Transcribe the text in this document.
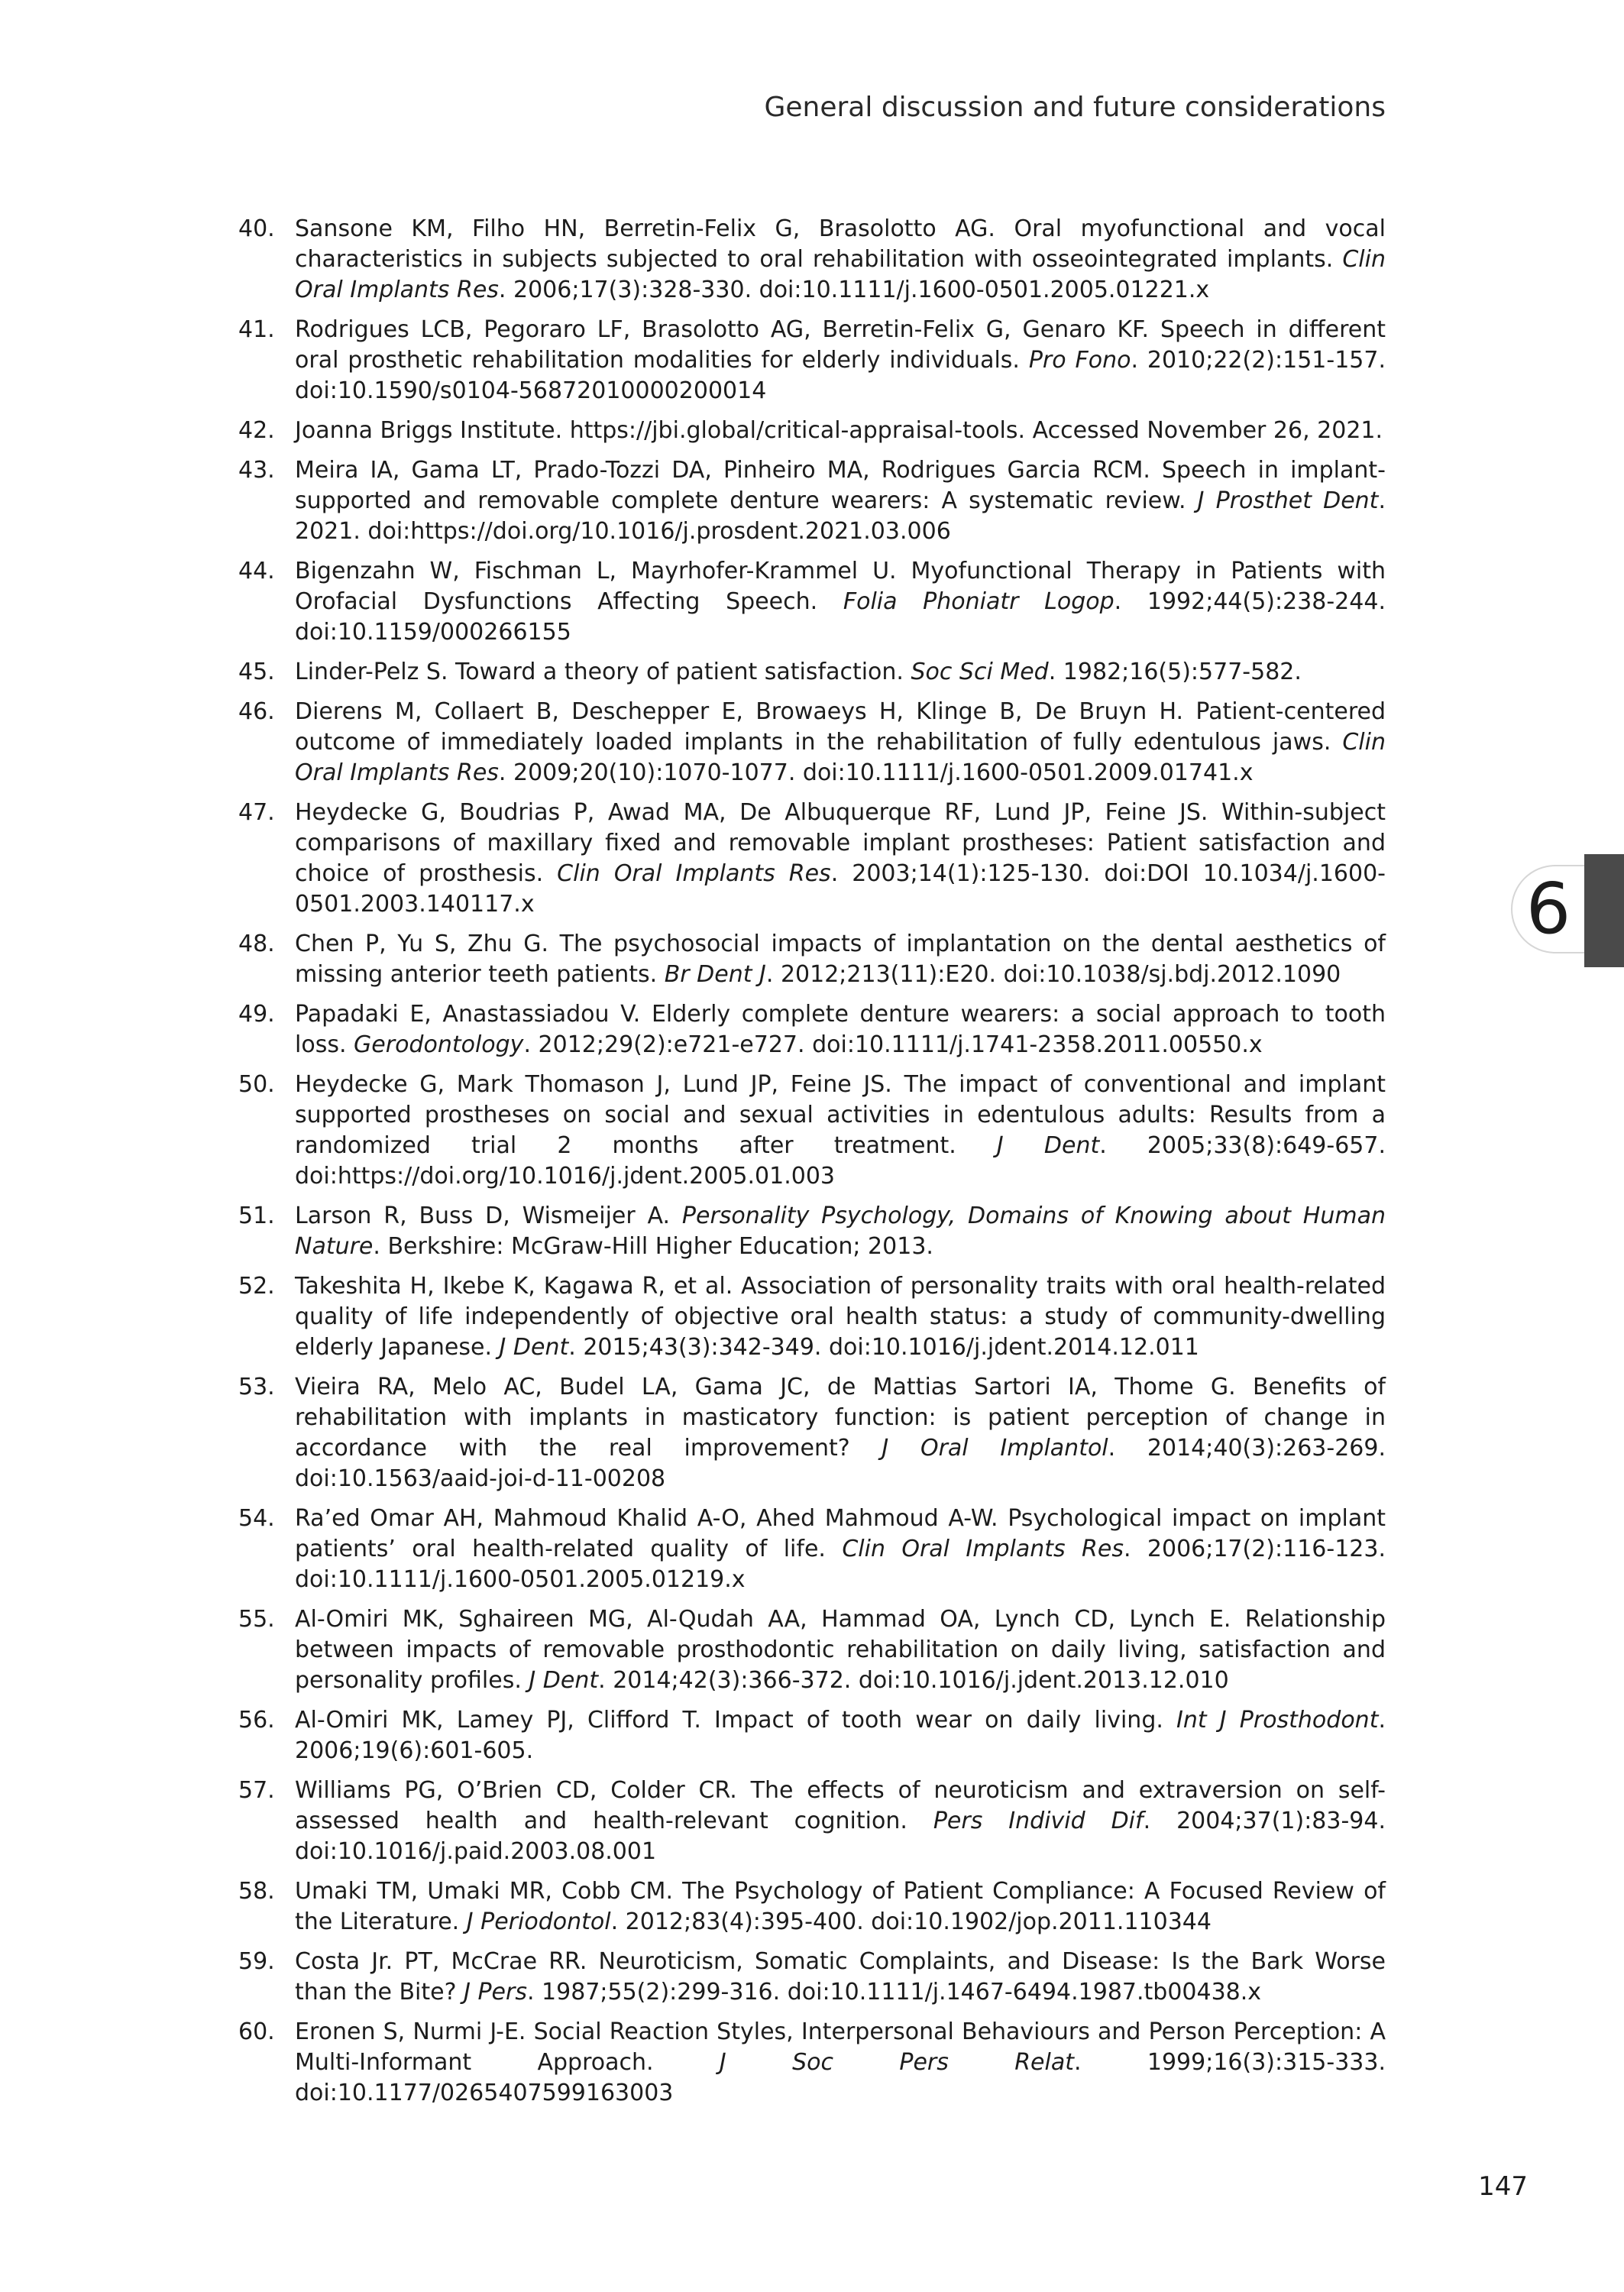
General discussion and future considerations
40. Sansone KM, Filho HN, Berretin-Felix G, Brasolotto AG. Oral myofunctional and vocal characteristics in subjects subjected to oral rehabilitation with osseointegrated implants. Clin Oral Implants Res. 2006;17(3):328-330. doi:10.1111/j.1600-0501.2005.01221.x
41. Rodrigues LCB, Pegoraro LF, Brasolotto AG, Berretin-Felix G, Genaro KF. Speech in different oral prosthetic rehabilitation modalities for elderly individuals. Pro Fono. 2010;22(2):151-157. doi:10.1590/s0104-56872010000200014
42. Joanna Briggs Institute. https://jbi.global/critical-appraisal-tools. Accessed November 26, 2021.
43. Meira IA, Gama LT, Prado-Tozzi DA, Pinheiro MA, Rodrigues Garcia RCM. Speech in implant-supported and removable complete denture wearers: A systematic review. J Prosthet Dent. 2021. doi:https://doi.org/10.1016/j.prosdent.2021.03.006
44. Bigenzahn W, Fischman L, Mayrhofer-Krammel U. Myofunctional Therapy in Patients with Orofacial Dysfunctions Affecting Speech. Folia Phoniatr Logop. 1992;44(5):238-244. doi:10.1159/000266155
45. Linder-Pelz S. Toward a theory of patient satisfaction. Soc Sci Med. 1982;16(5):577-582.
46. Dierens M, Collaert B, Deschepper E, Browaeys H, Klinge B, De Bruyn H. Patient-centered outcome of immediately loaded implants in the rehabilitation of fully edentulous jaws. Clin Oral Implants Res. 2009;20(10):1070-1077. doi:10.1111/j.1600-0501.2009.01741.x
47. Heydecke G, Boudrias P, Awad MA, De Albuquerque RF, Lund JP, Feine JS. Within-subject comparisons of maxillary fixed and removable implant prostheses: Patient satisfaction and choice of prosthesis. Clin Oral Implants Res. 2003;14(1):125-130. doi:DOI 10.1034/j.1600-0501.2003.140117.x
48. Chen P, Yu S, Zhu G. The psychosocial impacts of implantation on the dental aesthetics of missing anterior teeth patients. Br Dent J. 2012;213(11):E20. doi:10.1038/sj.bdj.2012.1090
49. Papadaki E, Anastassiadou V. Elderly complete denture wearers: a social approach to tooth loss. Gerodontology. 2012;29(2):e721-e727. doi:10.1111/j.1741-2358.2011.00550.x
50. Heydecke G, Mark Thomason J, Lund JP, Feine JS. The impact of conventional and implant supported prostheses on social and sexual activities in edentulous adults: Results from a randomized trial 2 months after treatment. J Dent. 2005;33(8):649-657. doi:https://doi.org/10.1016/j.jdent.2005.01.003
51. Larson R, Buss D, Wismeijer A. Personality Psychology, Domains of Knowing about Human Nature. Berkshire: McGraw-Hill Higher Education; 2013.
52. Takeshita H, Ikebe K, Kagawa R, et al. Association of personality traits with oral health-related quality of life independently of objective oral health status: a study of community-dwelling elderly Japanese. J Dent. 2015;43(3):342-349. doi:10.1016/j.jdent.2014.12.011
53. Vieira RA, Melo AC, Budel LA, Gama JC, de Mattias Sartori IA, Thome G. Benefits of rehabilitation with implants in masticatory function: is patient perception of change in accordance with the real improvement? J Oral Implantol. 2014;40(3):263-269. doi:10.1563/aaid-joi-d-11-00208
54. Ra’ed Omar AH, Mahmoud Khalid A-O, Ahed Mahmoud A-W. Psychological impact on implant patients’ oral health-related quality of life. Clin Oral Implants Res. 2006;17(2):116-123. doi:10.1111/j.1600-0501.2005.01219.x
55. Al-Omiri MK, Sghaireen MG, Al-Qudah AA, Hammad OA, Lynch CD, Lynch E. Relationship between impacts of removable prosthodontic rehabilitation on daily living, satisfaction and personality profiles. J Dent. 2014;42(3):366-372. doi:10.1016/j.jdent.2013.12.010
56. Al-Omiri MK, Lamey PJ, Clifford T. Impact of tooth wear on daily living. Int J Prosthodont. 2006;19(6):601-605.
57. Williams PG, O’Brien CD, Colder CR. The effects of neuroticism and extraversion on self-assessed health and health-relevant cognition. Pers Individ Dif. 2004;37(1):83-94. doi:10.1016/j.paid.2003.08.001
58. Umaki TM, Umaki MR, Cobb CM. The Psychology of Patient Compliance: A Focused Review of the Literature. J Periodontol. 2012;83(4):395-400. doi:10.1902/jop.2011.110344
59. Costa Jr. PT, McCrae RR. Neuroticism, Somatic Complaints, and Disease: Is the Bark Worse than the Bite? J Pers. 1987;55(2):299-316. doi:10.1111/j.1467-6494.1987.tb00438.x
60. Eronen S, Nurmi J-E. Social Reaction Styles, Interpersonal Behaviours and Person Perception: A Multi-Informant Approach. J Soc Pers Relat. 1999;16(3):315-333. doi:10.1177/0265407599163003
6
147
